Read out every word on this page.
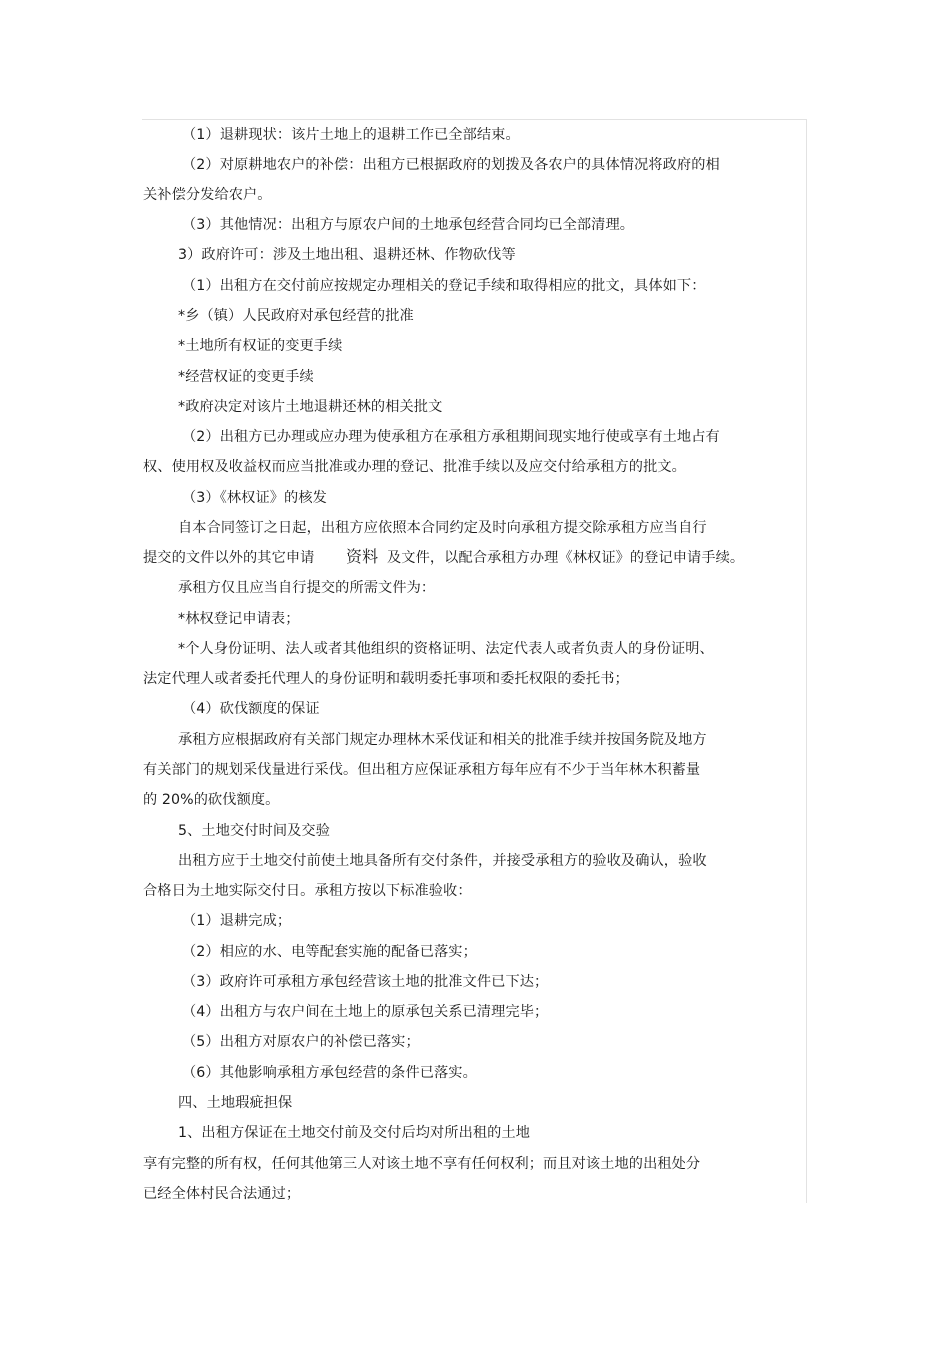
（1）退耕现状：该片土地上的退耕工作已全部结束。
（2）对原耕地农户的补偿：出租方已根据政府的划拨及各农户的具体情况将政府的相
关补偿分发给农户。
（3）其他情况：出租方与原农户间的土地承包经营合同均已全部清理。
3）政府许可：涉及土地出租、退耕还林、作物砍伐等
（1）出租方在交付前应按规定办理相关的登记手续和取得相应的批文，具体如下：
*乡（镇）人民政府对承包经营的批准
*土地所有权证的变更手续
*经营权证的变更手续
*政府决定对该片土地退耕还林的相关批文
（2）出租方已办理或应办理为使承租方在承租方承租期间现实地行使或享有土地占有
权、使用权及收益权而应当批准或办理的登记、批准手续以及应交付给承租方的批文。
（3）《林权证》的核发
自本合同签订之日起，出租方应依照本合同约定及时向承租方提交除承租方应当自行
提交的文件以外的其它申请 资料 及文件，以配合承租方办理《林权证》的登记申请手续。
承租方仅且应当自行提交的所需文件为：
*林权登记申请表；
*个人身份证明、法人或者其他组织的资格证明、法定代表人或者负责人的身份证明、
法定代理人或者委托代理人的身份证明和载明委托事项和委托权限的委托书；
（4）砍伐额度的保证
承租方应根据政府有关部门规定办理林木采伐证和相关的批准手续并按国务院及地方
有关部门的规划采伐量进行采伐。但出租方应保证承租方每年应有不少于当年林木积蓄量
的 20%的砍伐额度。
5、土地交付时间及交验
出租方应于土地交付前使土地具备所有交付条件，并接受承租方的验收及确认，验收
合格日为土地实际交付日。承租方按以下标准验收：
（1）退耕完成；
（2）相应的水、电等配套实施的配备已落实；
（3）政府许可承租方承包经营该土地的批准文件已下达；
（4）出租方与农户间在土地上的原承包关系已清理完毕；
（5）出租方对原农户的补偿已落实；
（6）其他影响承租方承包经营的条件已落实。
四、土地瑕疵担保
1、出租方保证在土地交付前及交付后均对所出租的土地
享有完整的所有权，任何其他第三人对该土地不享有任何权利；而且对该土地的出租处分
已经全体村民合法通过；
